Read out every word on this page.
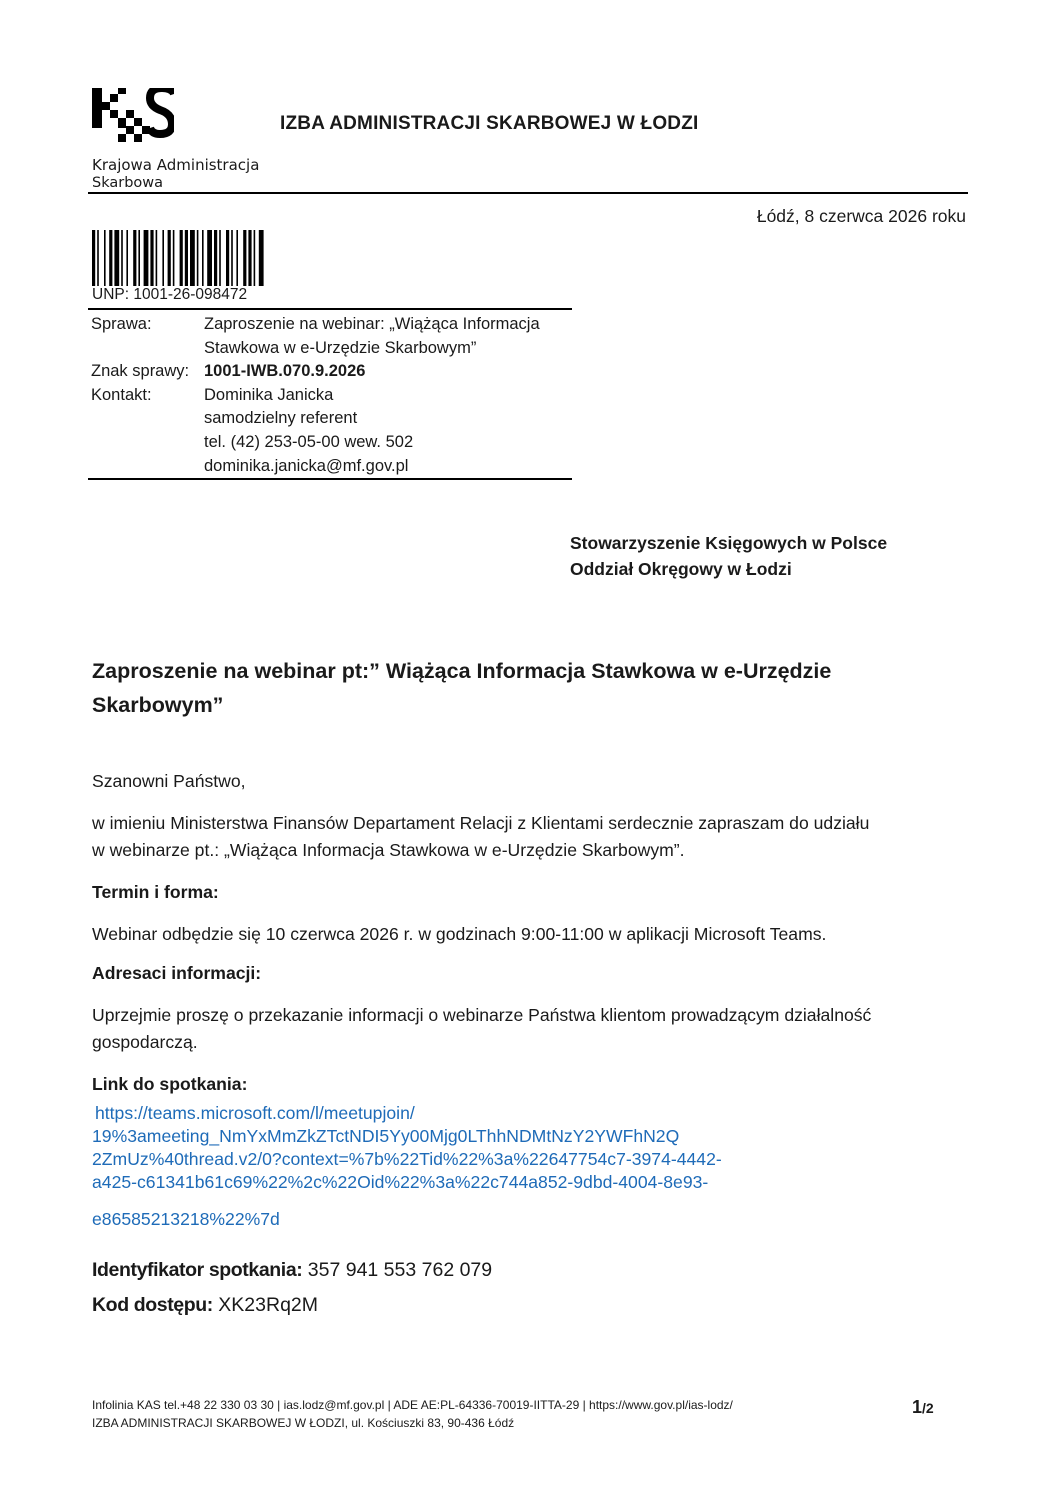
Krajowa Administracja
Skarbowa
IZBA ADMINISTRACJI SKARBOWEJ W ŁODZI
Łódź, 8 czerwca 2026 roku
UNP: 1001-26-098472
Sprawa:	Zaproszenie na webinar: „Wiążąca Informacja
Stawkowa w e-Urzędzie Skarbowym”
Znak sprawy: 1001-IWB.070.9.2026
Kontakt:	Dominika Janicka
samodzielny referent
tel. (42) 253-05-00 wew. 502
dominika.janicka@mf.gov.pl
Stowarzyszenie Księgowych w Polsce
Oddział Okręgowy w Łodzi
Zaproszenie na webinar pt:” Wiążąca Informacja Stawkowa w e-Urzędzie
Skarbowym”
Szanowni Państwo,
w imieniu Ministerstwa Finansów Departament Relacji z Klientami serdecznie zapraszam do udziału
w webinarze pt.: „Wiążąca Informacja Stawkowa w e-Urzędzie Skarbowym”.
Termin i forma:
Webinar odbędzie się 10 czerwca 2026 r. w godzinach 9:00-11:00 w aplikacji Microsoft Teams.
Adresaci informacji:
Uprzejmie proszę o przekazanie informacji o webinarze Państwa klientom prowadzącym działalność
gospodarczą.
Link do spotkania:
https://teams.microsoft.com/l/meetupjoin/
19%3ameeting_NmYxMmZkZTctNDI5Yy00Mjg0LThhNDMtNzY2YWFhN2Q
2ZmUz%40thread.v2/0?context=%7b%22Tid%22%3a%22647754c7-3974-4442-
a425-c61341b61c69%22%2c%22Oid%22%3a%22c744a852-9dbd-4004-8e93-
e86585213218%22%7d
Identyfikator spotkania: 357 941 553 762 079
Kod dostępu: XK23Rq2M
Infolinia KAS tel.+48 22 330 03 30 | ias.lodz@mf.gov.pl | ADE AE:PL-64336-70019-IITTA-29 | https://www.gov.pl/ias-lodz/
IZBA ADMINISTRACJI SKARBOWEJ W ŁODZI, ul. Kościuszki 83, 90-436 Łódź
1/2
